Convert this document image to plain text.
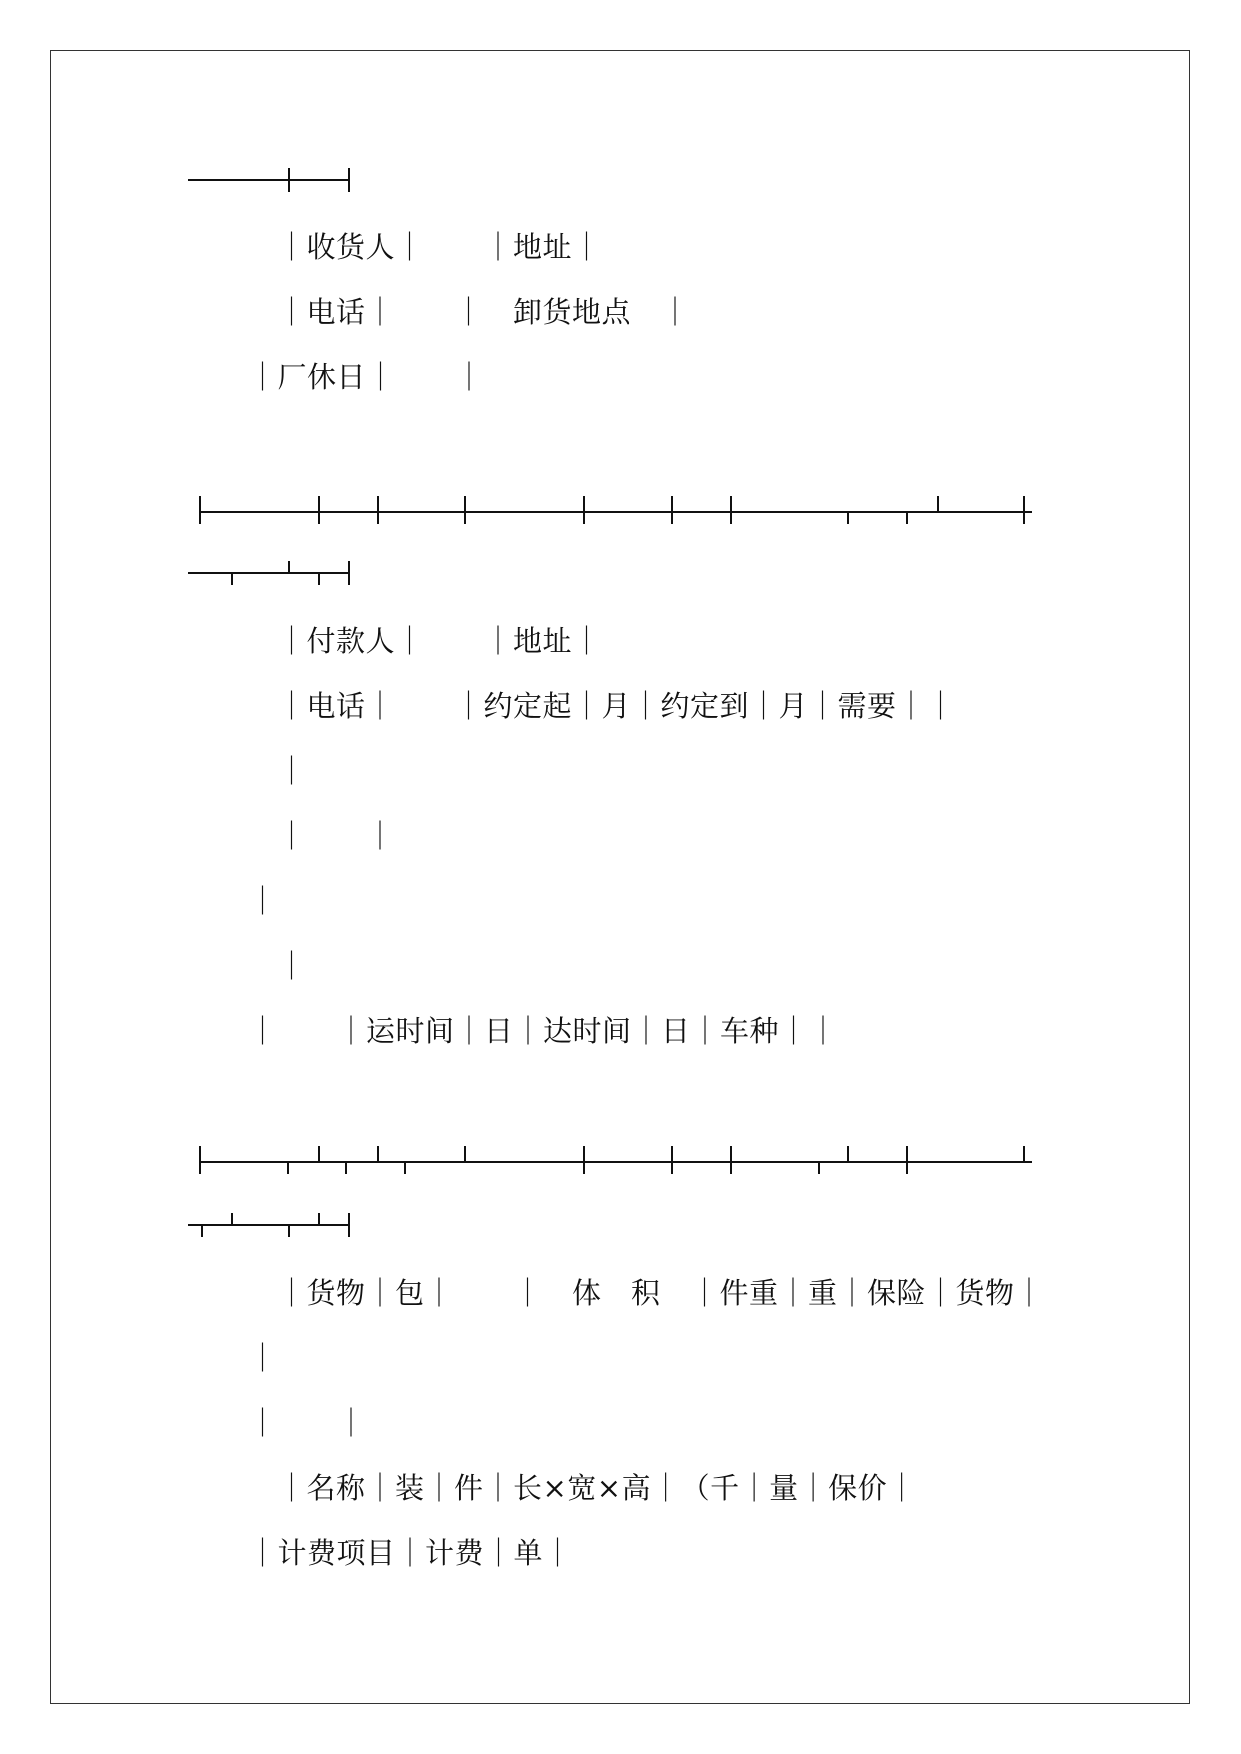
｜收货人｜　　｜地址｜
｜电话｜　　｜　卸货地点　｜
｜厂休日｜　　｜
｜付款人｜　　｜地址｜
｜电话｜　　｜约定起｜月｜约定到｜月｜需要｜｜
｜
｜　　｜
｜
｜
｜　　｜运时间｜日｜达时间｜日｜车种｜｜
｜货物｜包｜　　｜　体　积　｜件重｜重｜保险｜货物｜
｜
｜　　｜
｜名称｜装｜件｜长×宽×高｜（千｜量｜保价｜
｜计费项目｜计费｜单｜
